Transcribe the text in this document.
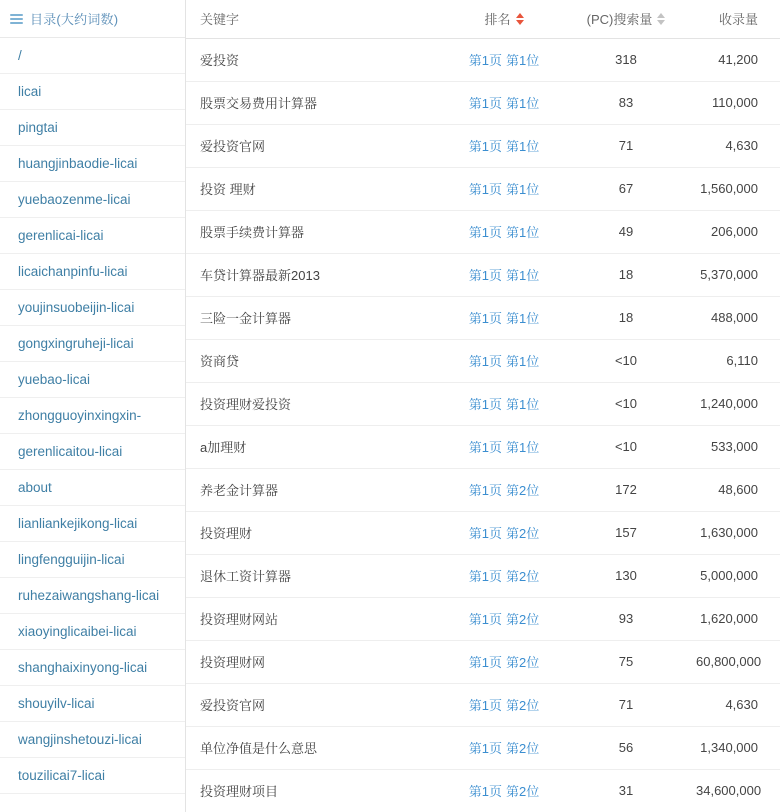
目录(大约词数)
/
licai
pingtai
huangjinbaodie-licai
yuebaozenme-licai
gerenlicai-licai
licaichanpinfu-licai
youjinsuobeijin-licai
gongxingruheji-licai
yuebao-licai
zhongguoyinxingxin-
gerenlicaitou-licai
about
lianliankejikong-licai
lingfengguijin-licai
ruhezaiwangshang-licai
xiaoyinglicaibei-licai
shanghaixinyong-licai
shouyilv-licai
wangjinshetouzi-licai
touzilicai7-licai
关键字	排名	(PC)搜索量	收录量

爱投资	第1页 第1位	318	41,200
股票交易费用计算器	第1页 第1位	83	110,000
爱投资官网	第1页 第1位	71	4,630
投资 理财	第1页 第1位	67	1,560,000
股票手续费计算器	第1页 第1位	49	206,000
车贷计算器最新2013	第1页 第1位	18	5,370,000
三险一金计算器	第1页 第1位	18	488,000
资商贷	第1页 第1位	<10	6,110
投资理财爱投资	第1页 第1位	<10	1,240,000
a加理财	第1页 第1位	<10	533,000
养老金计算器	第1页 第2位	172	48,600
投资理财	第1页 第2位	157	1,630,000
退休工资计算器	第1页 第2位	130	5,000,000
投资理财网站	第1页 第2位	93	1,620,000
投资理财网	第1页 第2位	75	60,800,000
爱投资官网	第1页 第2位	71	4,630
单位净值是什么意思	第1页 第2位	56	1,340,000
投资理财项目	第1页 第2位	31	34,600,000
